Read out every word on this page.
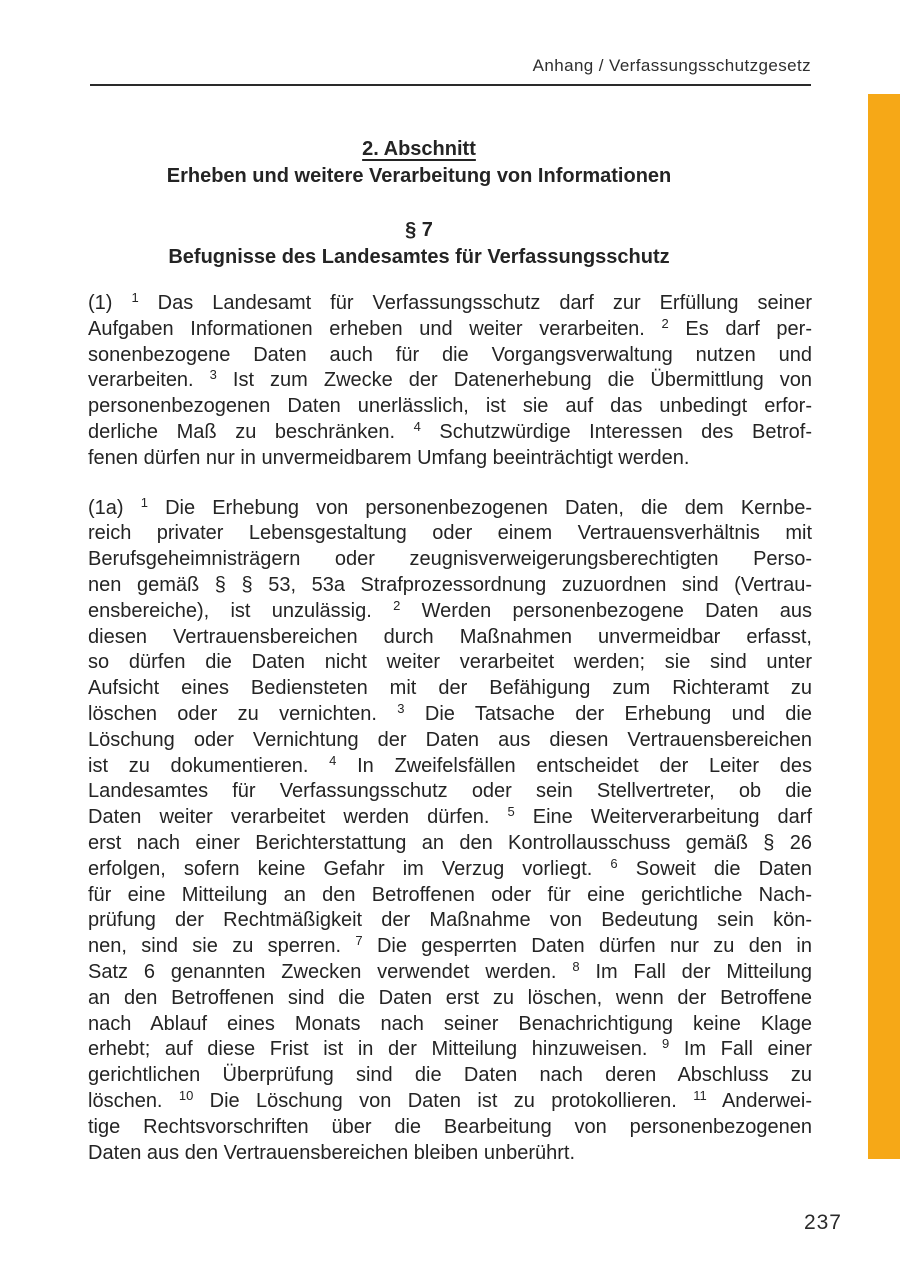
Anhang / Verfassungsschutzgesetz
2. Abschnitt
Erheben und weitere Verarbeitung von Informationen
§ 7
Befugnisse des Landesamtes für Verfassungsschutz
(1) $^1$ Das Landesamt für Verfassungsschutz darf zur Erfüllung seiner
Aufgaben Informationen erheben und weiter verarbeiten. $^2$ Es darf per-
sonenbezogene Daten auch für die Vorgangsverwaltung nutzen und
verarbeiten. $^3$ Ist zum Zwecke der Datenerhebung die Übermittlung von
personenbezogenen Daten unerlässlich, ist sie auf das unbedingt erfor-
derliche Maß zu beschränken. $^4$ Schutzwürdige Interessen des Betrof-
fenen dürfen nur in unvermeidbarem Umfang beeinträchtigt werden.
(1a) $^1$ Die Erhebung von personenbezogenen Daten, die dem Kernbe-
reich privater Lebensgestaltung oder einem Vertrauensverhältnis mit
Berufsgeheimnisträgern oder zeugnisverweigerungsberechtigten Perso-
nen gemäß § § 53, 53a Strafprozessordnung zuzuordnen sind (Vertrau-
ensbereiche), ist unzulässig. $^2$ Werden personenbezogene Daten aus
diesen Vertrauensbereichen durch Maßnahmen unvermeidbar erfasst,
so dürfen die Daten nicht weiter verarbeitet werden; sie sind unter
Aufsicht eines Bediensteten mit der Befähigung zum Richteramt zu
löschen oder zu vernichten. $^3$ Die Tatsache der Erhebung und die
Löschung oder Vernichtung der Daten aus diesen Vertrauensbereichen
ist zu dokumentieren. $^4$ In Zweifelsfällen entscheidet der Leiter des
Landesamtes für Verfassungsschutz oder sein Stellvertreter, ob die
Daten weiter verarbeitet werden dürfen. $^5$ Eine Weiterverarbeitung darf
erst nach einer Berichterstattung an den Kontrollausschuss gemäß § 26
erfolgen, sofern keine Gefahr im Verzug vorliegt. $^6$ Soweit die Daten
für eine Mitteilung an den Betroffenen oder für eine gerichtliche Nach-
prüfung der Rechtmäßigkeit der Maßnahme von Bedeutung sein kön-
nen, sind sie zu sperren. $^7$ Die gesperrten Daten dürfen nur zu den in
Satz 6 genannten Zwecken verwendet werden. $^8$ Im Fall der Mitteilung
an den Betroffenen sind die Daten erst zu löschen, wenn der Betroffene
nach Ablauf eines Monats nach seiner Benachrichtigung keine Klage
erhebt; auf diese Frist ist in der Mitteilung hinzuweisen. $^9$ Im Fall einer
gerichtlichen Überprüfung sind die Daten nach deren Abschluss zu
löschen. $^{10}$ Die Löschung von Daten ist zu protokollieren. $^{11}$ Anderwei-
tige Rechtsvorschriften über die Bearbeitung von personenbezogenen
Daten aus den Vertrauensbereichen bleiben unberührt.
237
